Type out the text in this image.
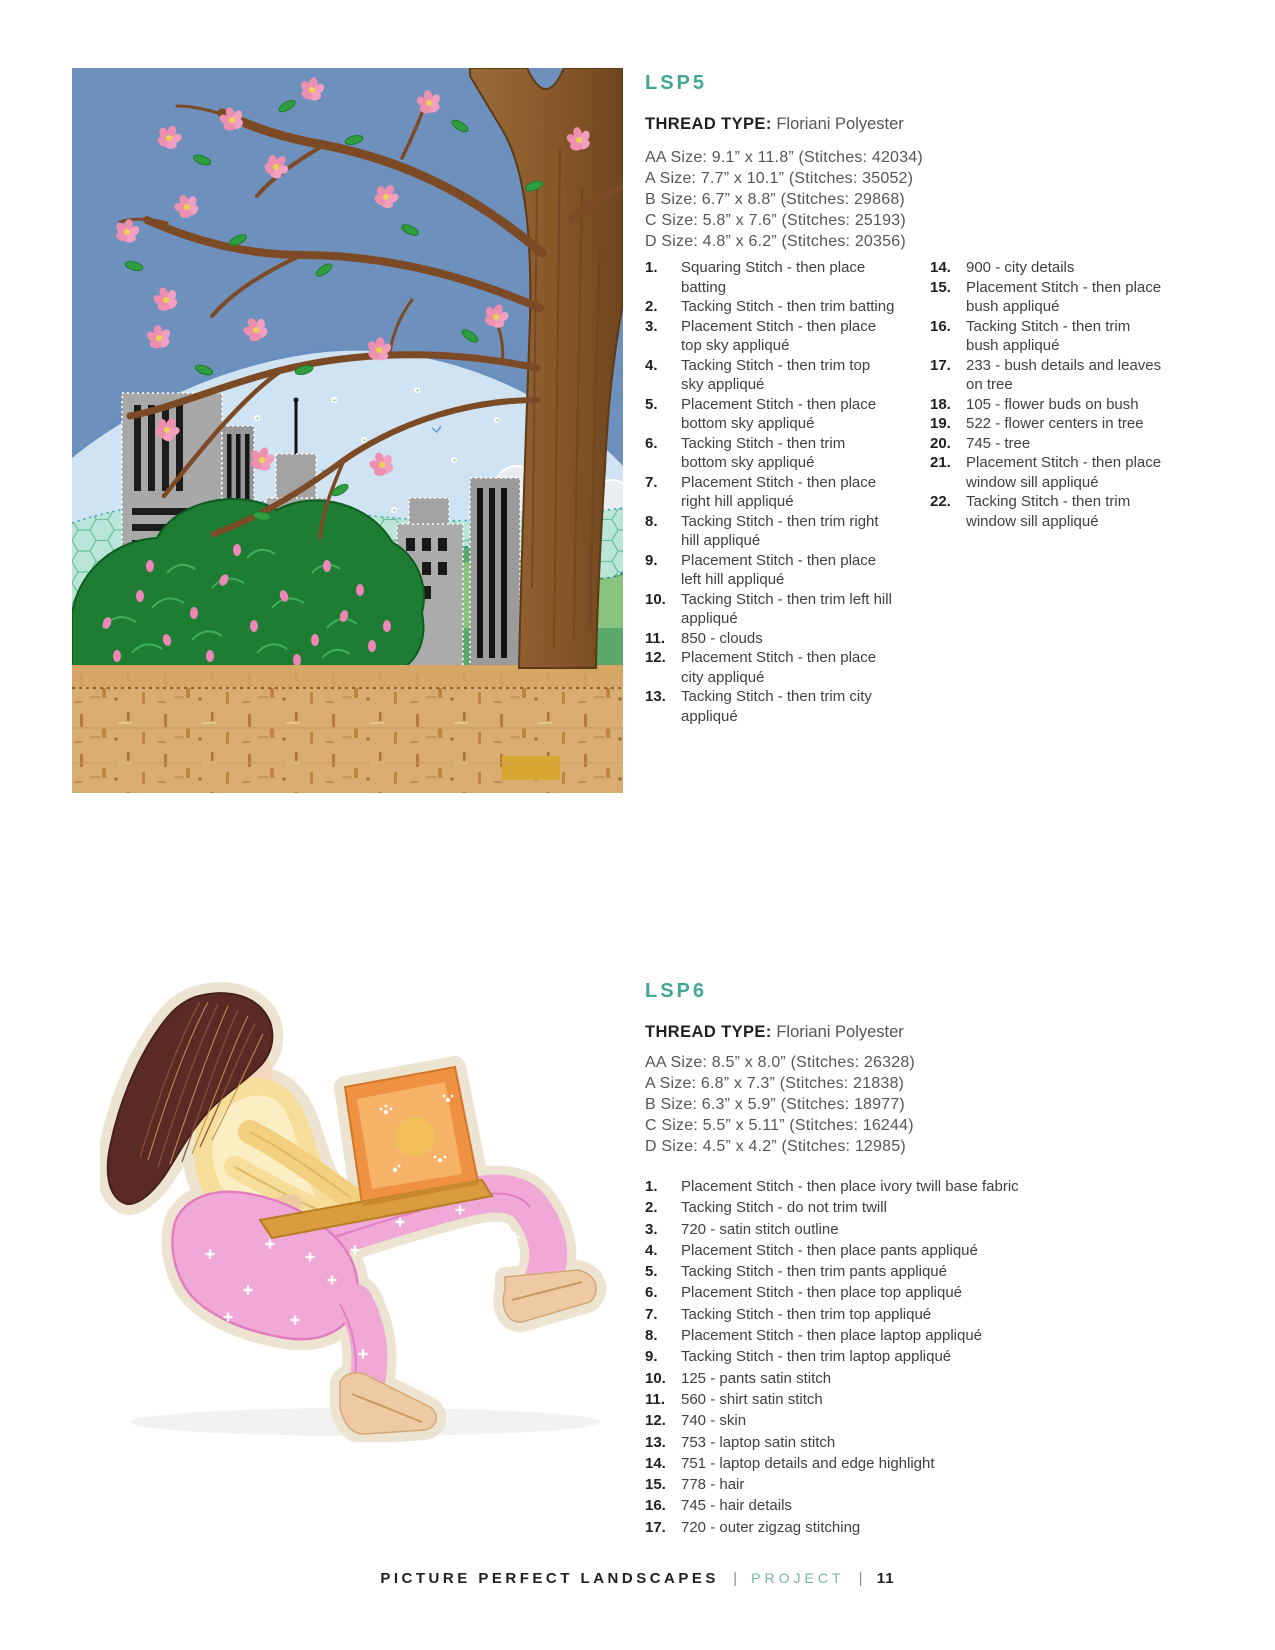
LSP5

THREAD TYPE: Floriani Polyester

AA Size: 9.1” x 11.8” (Stitches: 42034)
A Size: 7.7” x 10.1” (Stitches: 35052)
B Size: 6.7” x 8.8” (Stitches: 29868)
C Size: 5.8” x 7.6” (Stitches: 25193)
D Size: 4.8” x 6.2” (Stitches: 20356)
1.	Squaring Stitch - then place batting
2.	Tacking Stitch - then trim batting
3.	Placement Stitch - then place top sky appliqué
4.	Tacking Stitch - then trim top sky appliqué
5.	Placement Stitch - then place bottom sky appliqué
6.	Tacking Stitch - then trim bottom sky appliqué
7.	Placement Stitch - then place right hill appliqué
8.	Tacking Stitch - then trim right hill appliqué
9.	Placement Stitch - then place left hill appliqué
10.	Tacking Stitch - then trim left hill appliqué
11.	850 - clouds
12.	Placement Stitch - then place city appliqué
13.	Tacking Stitch - then trim city appliqué
14.	900 - city details
15.	Placement Stitch - then place bush appliqué
16.	Tacking Stitch - then trim bush appliqué
17.	233 - bush details and leaves on tree
18.	105 - flower buds on bush
19.	522 - flower centers in tree
20.	745 - tree
21.	Placement Stitch - then place window sill appliqué
22.	Tacking Stitch - then trim window sill appliqué
LSP6

THREAD TYPE: Floriani Polyester

AA Size: 8.5” x 8.0” (Stitches: 26328)
A Size: 6.8” x 7.3” (Stitches: 21838)
B Size: 6.3” x 5.9” (Stitches: 18977)
C Size: 5.5” x 5.11” (Stitches: 16244)
D Size: 4.5” x 4.2” (Stitches: 12985)
1.	Placement Stitch - then place ivory twill base fabric
2.	Tacking Stitch - do not trim twill
3.	720 - satin stitch outline
4.	Placement Stitch - then place pants appliqué
5.	Tacking Stitch - then trim pants appliqué
6.	Placement Stitch - then place top appliqué
7.	Tacking Stitch - then trim top appliqué
8.	Placement Stitch - then place laptop appliqué
9.	Tacking Stitch - then trim laptop appliqué
10.	125 - pants satin stitch
11.	560 - shirt satin stitch
12.	740 - skin
13.	753 - laptop satin stitch
14.	751 - laptop details and edge highlight
15.	778 - hair
16.	745 - hair details
17.	720 - outer zigzag stitching
PICTURE PERFECT LANDSCAPES | PROJECT | 11
